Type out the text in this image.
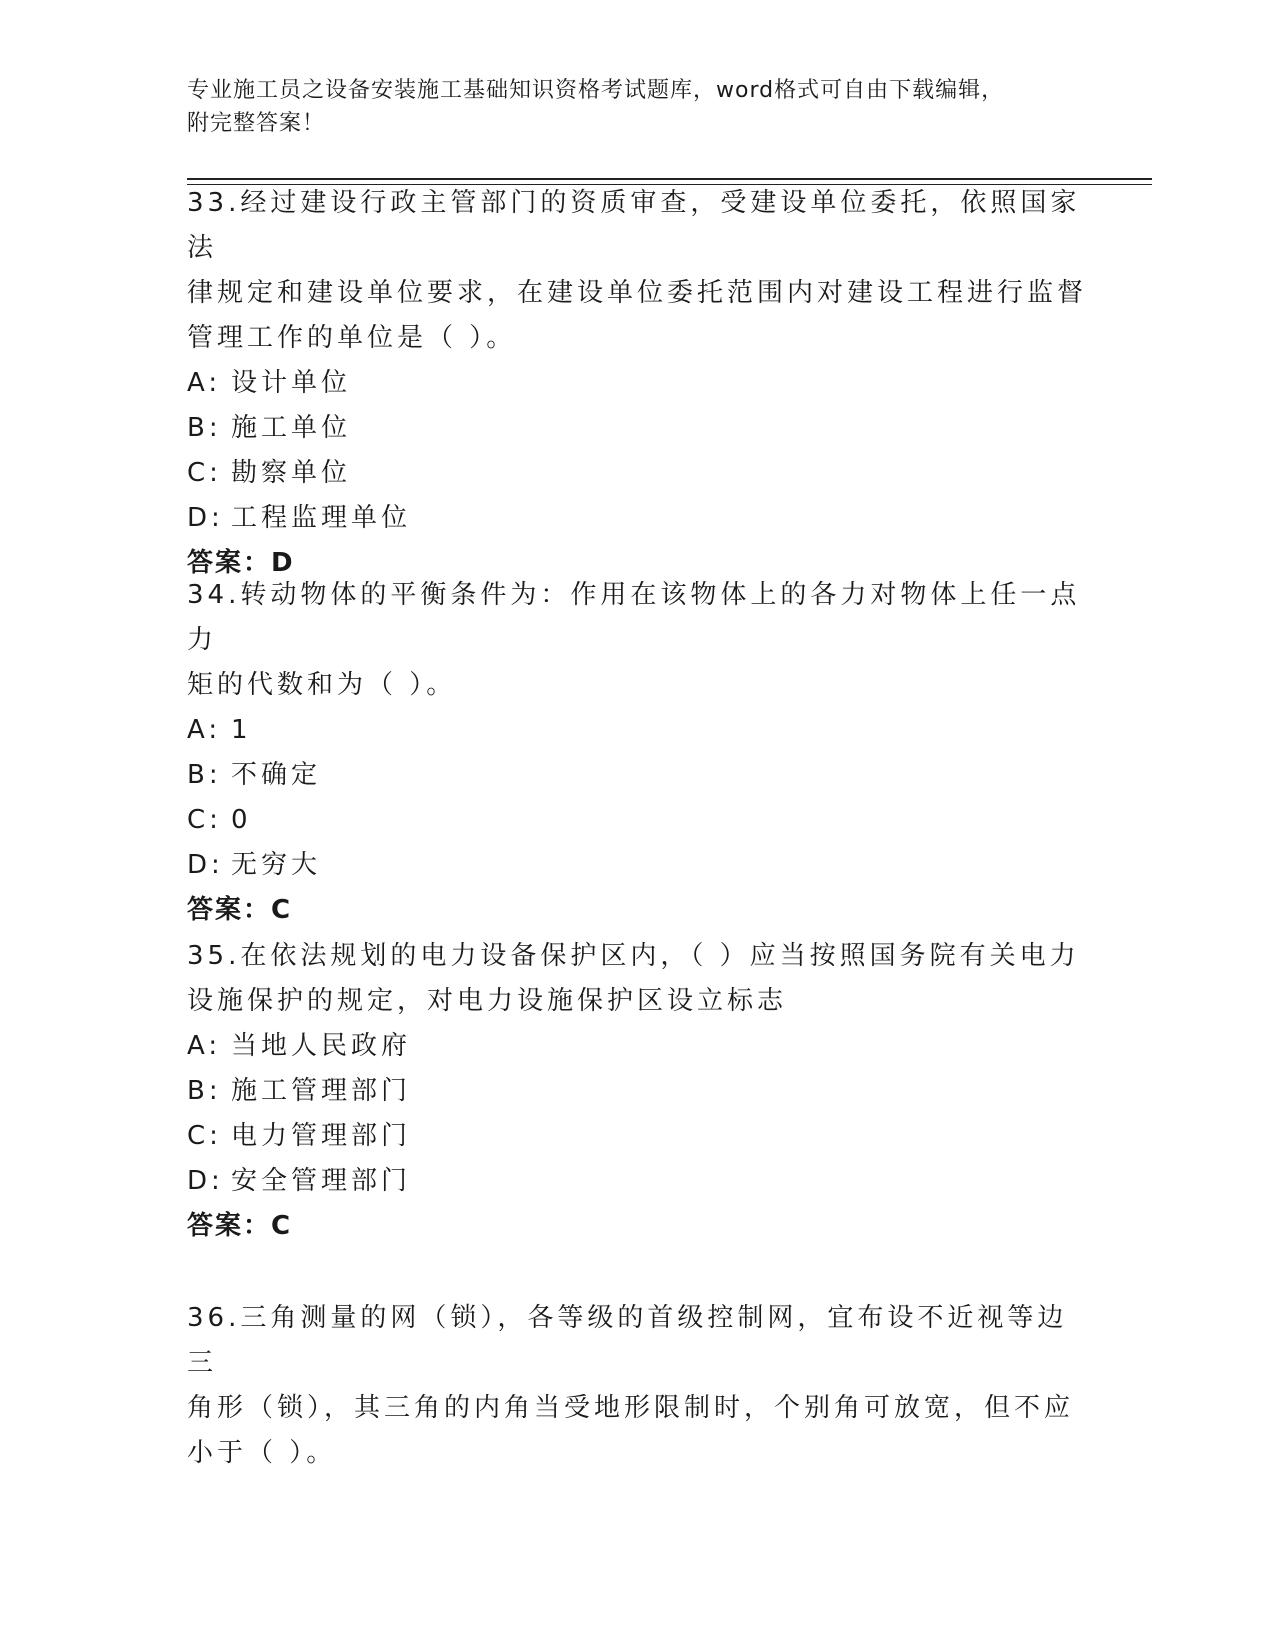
专业施工员之设备安装施工基础知识资格考试题库，word格式可自由下载编辑，
附完整答案！
33.经过建设行政主管部门的资质审查，受建设单位委托，依照国家法
律规定和建设单位要求，在建设单位委托范围内对建设工程进行监督
管理工作的单位是（ ）。
A: 设计单位
B: 施工单位
C: 勘察单位
D: 工程监理单位
答案：D
34.转动物体的平衡条件为：作用在该物体上的各力对物体上任一点力
矩的代数和为（ ）。
A: 1
B: 不确定
C: 0
D: 无穷大
答案：C
35.在依法规划的电力设备保护区内，（ ）应当按照国务院有关电力
设施保护的规定，对电力设施保护区设立标志
A: 当地人民政府
B: 施工管理部门
C: 电力管理部门
D: 安全管理部门
答案：C
36.三角测量的网（锁），各等级的首级控制网，宜布设不近视等边三
角形（锁），其三角的内角当受地形限制时，个别角可放宽，但不应
小于（ ）。
